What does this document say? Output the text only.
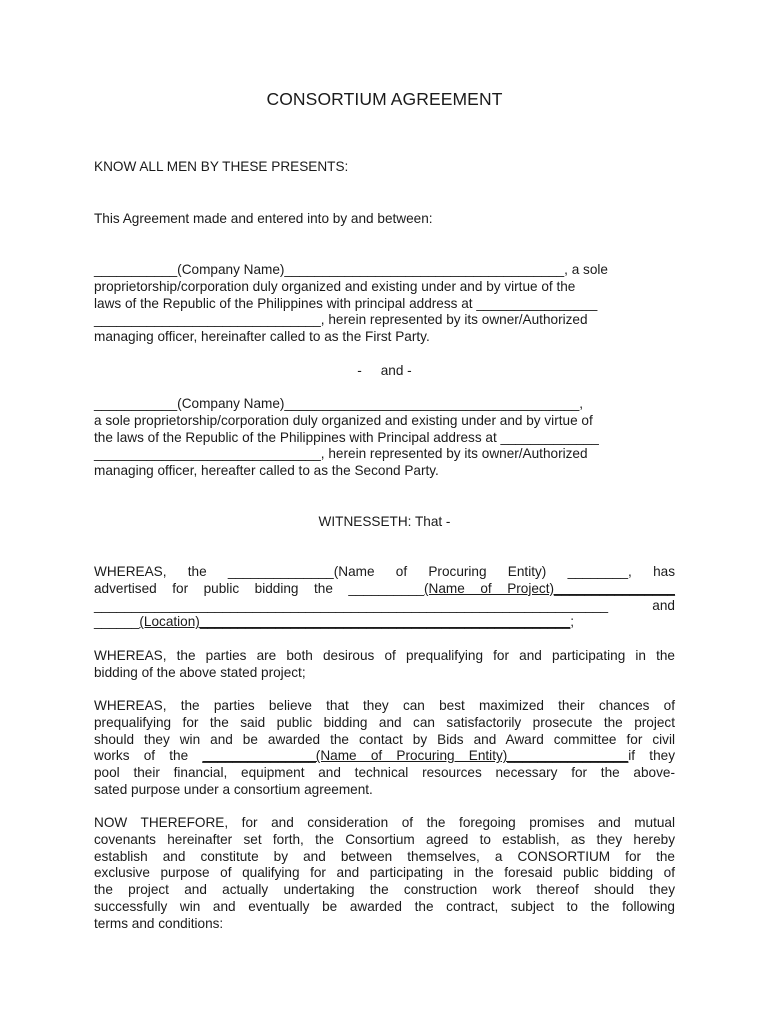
CONSORTIUM AGREEMENT
KNOW ALL MEN BY THESE PRESENTS:
This Agreement made and entered into by and between:
___________(Company Name)_____________________________________, a sole
proprietorship/corporation duly organized and existing under and by virtue of the
laws of the Republic of the Philippines with principal address at ________________
______________________________, herein represented by its owner/Authorized
managing officer, hereinafter called to as the First Party.
-     and -
___________(Company Name)_______________________________________,
a sole proprietorship/corporation duly organized and existing under and by virtue of
the laws of the Republic of the Philippines with Principal address at _____________
______________________________, herein represented by its owner/Authorized
managing officer, hereafter called to as the Second Party.
WITNESSETH: That -
WHEREAS, the ______________(Name of Procuring Entity) ________, has
advertised for public bidding the __________(Name of Project)________________
____________________________________________________________________ and
______(Location)_________________________________________________;
WHEREAS, the parties are both desirous of prequalifying for and participating in the
bidding of the above stated project;
WHEREAS, the parties believe that they can best maximized their chances of
prequalifying for the said public bidding and can satisfactorily prosecute the project
should they win and be awarded the contact by Bids and Award committee for civil
works of the _______________(Name of Procuring Entity)________________if they
pool their financial, equipment and technical resources necessary for the above-
sated purpose under a consortium agreement.
NOW THEREFORE, for and consideration of the foregoing promises and mutual
covenants hereinafter set forth, the Consortium agreed to establish, as they hereby
establish and constitute by and between themselves, a CONSORTIUM for the
exclusive purpose of qualifying for and participating in the foresaid public bidding of
the project and actually undertaking the construction work thereof should they
successfully win and eventually be awarded the contract, subject to the following
terms and conditions:
